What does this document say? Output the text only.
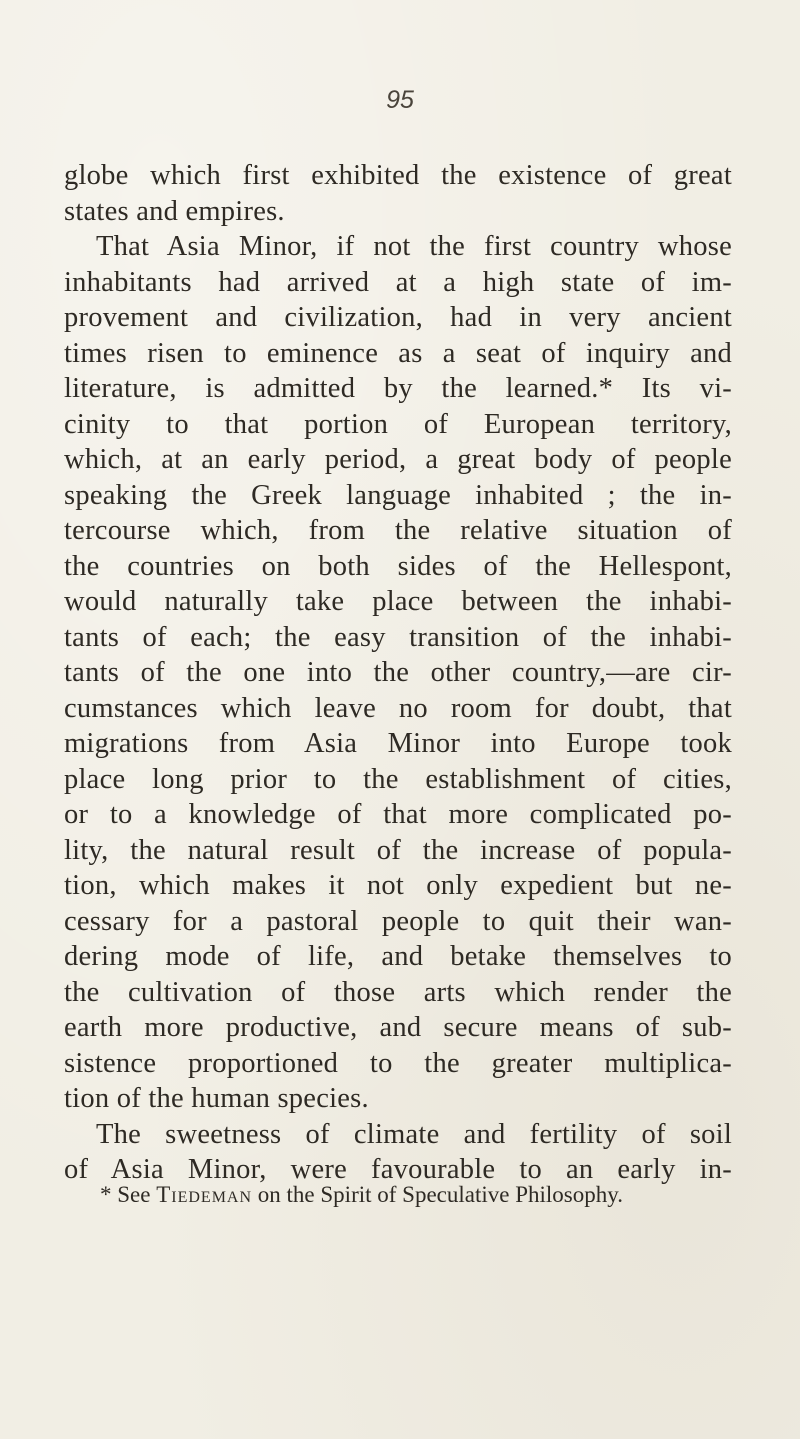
95
globe which first exhibited the existence of great
states and empires.
That Asia Minor, if not the first country whose
inhabitants had arrived at a high state of im-
provement and civilization, had in very ancient
times risen to eminence as a seat of inquiry and
literature, is admitted by the learned.* Its vi-
cinity to that portion of European territory,
which, at an early period, a great body of people
speaking the Greek language inhabited ; the in-
tercourse which, from the relative situation of
the countries on both sides of the Hellespont,
would naturally take place between the inhabi-
tants of each; the easy transition of the inhabi-
tants of the one into the other country,—are cir-
cumstances which leave no room for doubt, that
migrations from Asia Minor into Europe took
place long prior to the establishment of cities,
or to a knowledge of that more complicated po-
lity, the natural result of the increase of popula-
tion, which makes it not only expedient but ne-
cessary for a pastoral people to quit their wan-
dering mode of life, and betake themselves to
the cultivation of those arts which render the
earth more productive, and secure means of sub-
sistence proportioned to the greater multiplica-
tion of the human species.
The sweetness of climate and fertility of soil
of Asia Minor, were favourable to an early in-
* See Tiedeman on the Spirit of Speculative Philosophy.
